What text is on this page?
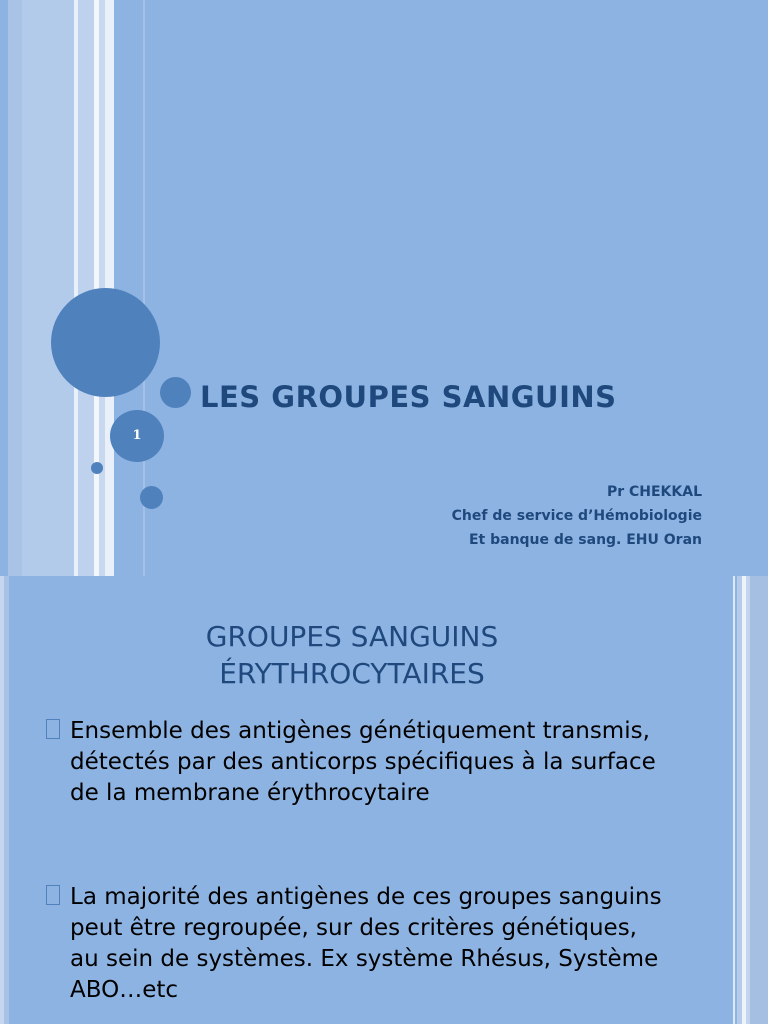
1
LES GROUPES SANGUINS
Pr CHEKKAL
Chef de service d’Hémobiologie
Et banque de sang. EHU Oran
GROUPES SANGUINS
ÉRYTHROCYTAIRES
Ensemble des antigènes génétiquement transmis, détectés par des anticorps spécifiques à la surface de la membrane érythrocytaire
La majorité des antigènes de ces groupes sanguins peut être regroupée, sur des critères génétiques, au sein de systèmes. Ex système Rhésus, Système ABO…etc
